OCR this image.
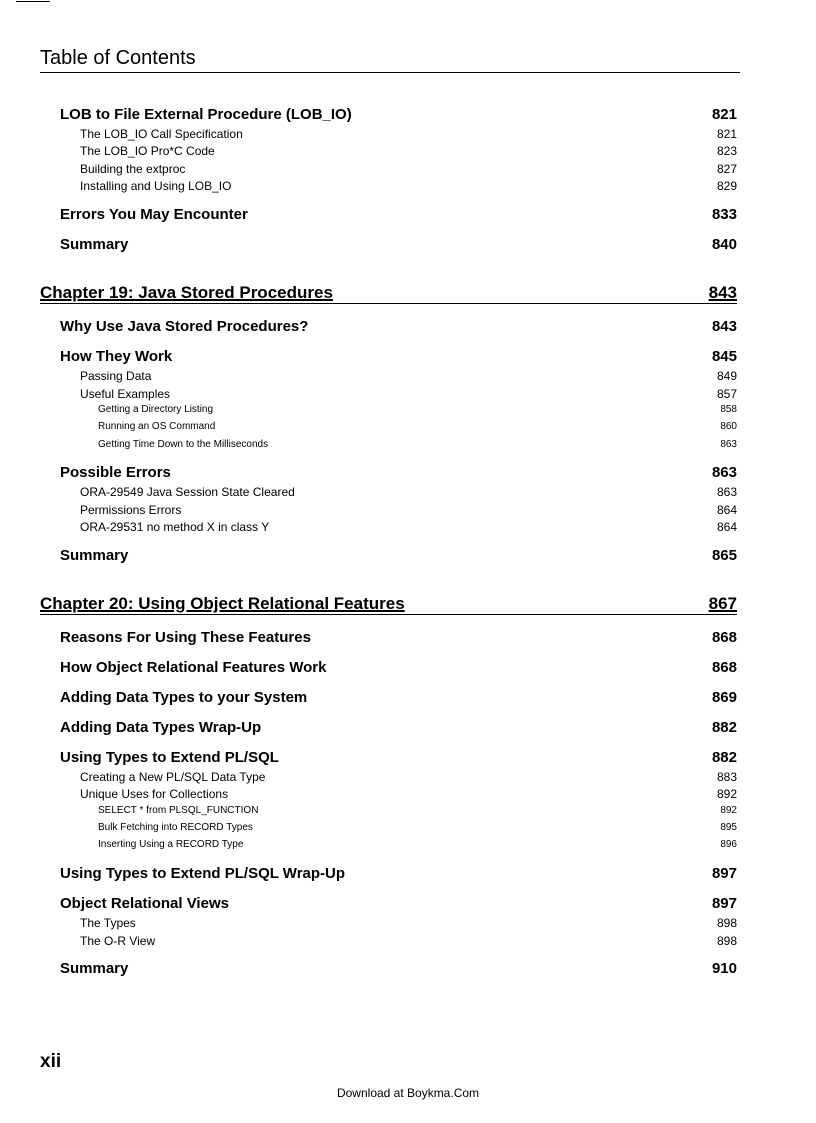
Table of Contents
LOB to File External Procedure (LOB_IO)	821
The LOB_IO Call Specification	821
The LOB_IO Pro*C Code	823
Building the extproc	827
Installing and Using LOB_IO	829
Errors You May Encounter	833
Summary	840
Chapter 19: Java Stored Procedures	843
Why Use Java Stored Procedures?	843
How They Work	845
Passing Data	849
Useful Examples	857
Getting a Directory Listing	858
Running an OS Command	860
Getting Time Down to the Milliseconds	863
Possible Errors	863
ORA-29549 Java Session State Cleared	863
Permissions Errors	864
ORA-29531 no method X in class Y	864
Summary	865
Chapter 20: Using Object Relational Features	867
Reasons For Using These Features	868
How Object Relational Features Work	868
Adding Data Types to your System	869
Adding Data Types Wrap-Up	882
Using Types to Extend PL/SQL	882
Creating a New PL/SQL Data Type	883
Unique Uses for Collections	892
SELECT * from PLSQL_FUNCTION	892
Bulk Fetching into RECORD Types	895
Inserting Using a RECORD Type	896
Using Types to Extend PL/SQL Wrap-Up	897
Object Relational Views	897
The Types	898
The O-R View	898
Summary	910
xii
Download at Boykma.Com
